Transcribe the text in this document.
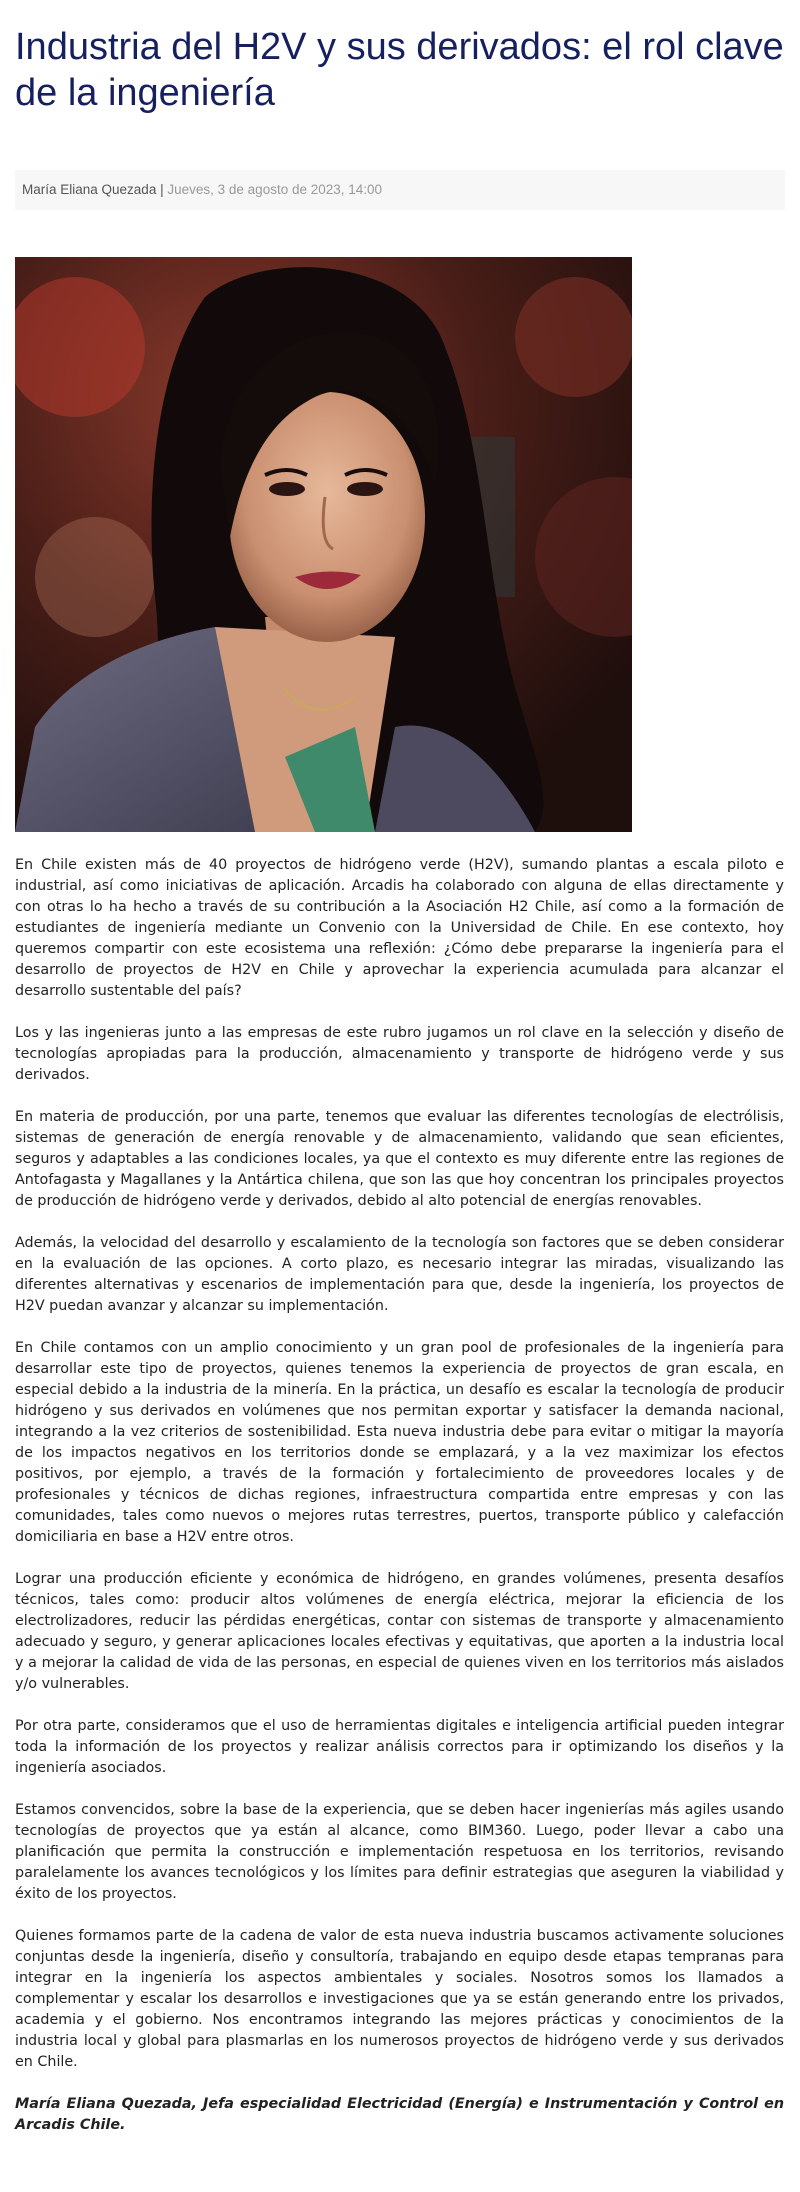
Industria del H2V y sus derivados: el rol clave de la ingeniería
María Eliana Quezada | Jueves, 3 de agosto de 2023, 14:00

En Chile existen más de 40 proyectos de hidrógeno verde (H2V), sumando plantas a escala piloto e industrial, así como iniciativas de aplicación. Arcadis ha colaborado con alguna de ellas directamente y con otras lo ha hecho a través de su contribución a la Asociación H2 Chile, así como a la formación de estudiantes de ingeniería mediante un Convenio con la Universidad de Chile. En ese contexto, hoy queremos compartir con este ecosistema una reflexión: ¿Cómo debe prepararse la ingeniería para el desarrollo de proyectos de H2V en Chile y aprovechar la experiencia acumulada para alcanzar el desarrollo sustentable del país?

Los y las ingenieras junto a las empresas de este rubro jugamos un rol clave en la selección y diseño de tecnologías apropiadas para la producción, almacenamiento y transporte de hidrógeno verde y sus derivados.

En materia de producción, por una parte, tenemos que evaluar las diferentes tecnologías de electrólisis, sistemas de generación de energía renovable y de almacenamiento, validando que sean eficientes, seguros y adaptables a las condiciones locales, ya que el contexto es muy diferente entre las regiones de Antofagasta y Magallanes y la Antártica chilena, que son las que hoy concentran los principales proyectos de producción de hidrógeno verde y derivados, debido al alto potencial de energías renovables.

Además, la velocidad del desarrollo y escalamiento de la tecnología son factores que se deben considerar en la evaluación de las opciones. A corto plazo, es necesario integrar las miradas, visualizando las diferentes alternativas y escenarios de implementación para que, desde la ingeniería, los proyectos de H2V puedan avanzar y alcanzar su implementación.

En Chile contamos con un amplio conocimiento y un gran pool de profesionales de la ingeniería para desarrollar este tipo de proyectos, quienes tenemos la experiencia de proyectos de gran escala, en especial debido a la industria de la minería. En la práctica, un desafío es escalar la tecnología de producir hidrógeno y sus derivados en volúmenes que nos permitan exportar y satisfacer la demanda nacional, integrando a la vez criterios de sostenibilidad. Esta nueva industria debe para evitar o mitigar la mayoría de los impactos negativos en los territorios donde se emplazará, y a la vez maximizar los efectos positivos, por ejemplo, a través de la formación y fortalecimiento de proveedores locales y de profesionales y técnicos de dichas regiones, infraestructura compartida entre empresas y con las comunidades, tales como nuevos o mejores rutas terrestres, puertos, transporte público y calefacción domiciliaria en base a H2V entre otros.

Lograr una producción eficiente y económica de hidrógeno, en grandes volúmenes, presenta desafíos técnicos, tales como: producir altos volúmenes de energía eléctrica, mejorar la eficiencia de los electrolizadores, reducir las pérdidas energéticas, contar con sistemas de transporte y almacenamiento adecuado y seguro, y generar aplicaciones locales efectivas y equitativas, que aporten a la industria local y a mejorar la calidad de vida de las personas, en especial de quienes viven en los territorios más aislados y/o vulnerables.

Por otra parte, consideramos que el uso de herramientas digitales e inteligencia artificial pueden integrar toda la información de los proyectos y realizar análisis correctos para ir optimizando los diseños y la ingeniería asociados.

Estamos convencidos, sobre la base de la experiencia, que se deben hacer ingenierías más agiles usando tecnologías de proyectos que ya están al alcance, como BIM360. Luego, poder llevar a cabo una planificación que permita la construcción e implementación respetuosa en los territorios, revisando paralelamente los avances tecnológicos y los límites para definir estrategias que aseguren la viabilidad y éxito de los proyectos.

Quienes formamos parte de la cadena de valor de esta nueva industria buscamos activamente soluciones conjuntas desde la ingeniería, diseño y consultoría, trabajando en equipo desde etapas tempranas para integrar en la ingeniería los aspectos ambientales y sociales. Nosotros somos los llamados a complementar y escalar los desarrollos e investigaciones que ya se están generando entre los privados, academia y el gobierno. Nos encontramos integrando las mejores prácticas y conocimientos de la industria local y global para plasmarlas en los numerosos proyectos de hidrógeno verde y sus derivados en Chile.

María Eliana Quezada, Jefa especialidad Electricidad (Energía) e Instrumentación y Control en Arcadis Chile.
